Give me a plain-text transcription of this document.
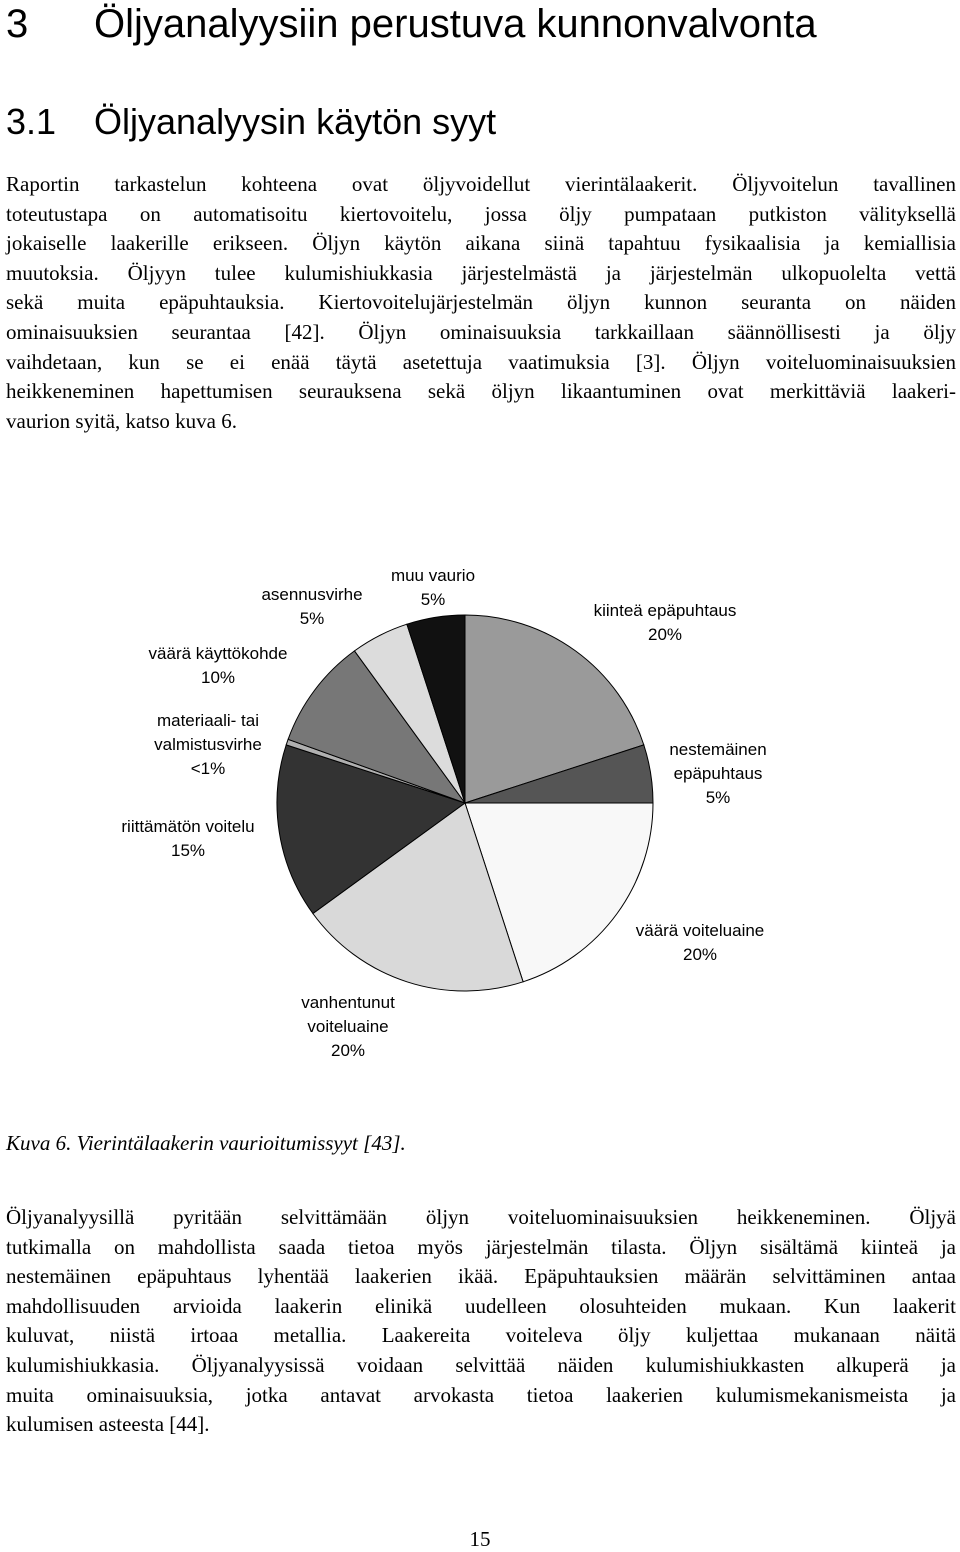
3 Öljyanalyysiin perustuva kunnonvalvonta
3.1 Öljyanalyysin käytön syyt
Raportin tarkastelun kohteena ovat öljyvoidellut vierintälaakerit. Öljyvoitelun tavallinen
toteutustapa on automatisoitu kiertovoitelu, jossa öljy pumpataan putkiston välityksellä
jokaiselle laakerille erikseen. Öljyn käytön aikana siinä tapahtuu fysikaalisia ja kemiallisia
muutoksia. Öljyyn tulee kulumishiukkasia järjestelmästä ja järjestelmän ulkopuolelta vettä
sekä muita epäpuhtauksia. Kiertovoitelujärjestelmän öljyn kunnon seuranta on näiden
ominaisuuksien seurantaa [42]. Öljyn ominaisuuksia tarkkaillaan säännöllisesti ja öljy
vaihdetaan, kun se ei enää täytä asetettuja vaatimuksia [3]. Öljyn voiteluominaisuuksien
heikkeneminen hapettumisen seurauksena sekä öljyn likaantuminen ovat merkittäviä laakeri-
vaurion syitä, katso kuva 6.
kiinteä epäpuhtaus 20%
nestemäinen epäpuhtaus 5%
väärä voiteluaine 20%
vanhentunut voiteluaine 20%
riittämätön voitelu 15%
materiaali- tai valmistusvirhe <1%
väärä käyttökohde 10%
asennusvirhe 5%
muu vaurio 5%

Kuva 6. Vierintälaakerin vaurioitumissyyt [43].

Öljyanalyysillä pyritään selvittämään öljyn voiteluominaisuuksien heikkeneminen. Öljyä
tutkimalla on mahdollista saada tietoa myös järjestelmän tilasta. Öljyn sisältämä kiinteä ja
nestemäinen epäpuhtaus lyhentää laakerien ikää. Epäpuhtauksien määrän selvittäminen antaa
mahdollisuuden arvioida laakerin elinikä uudelleen olosuhteiden mukaan. Kun laakerit
kuluvat, niistä irtoaa metallia. Laakereita voiteleva öljy kuljettaa mukanaan näitä
kulumishiukkasia. Öljyanalyysissä voidaan selvittää näiden kulumishiukkasten alkuperä ja
muita ominaisuuksia, jotka antavat arvokasta tietoa laakerien kulumismekanismeista ja
kulumisen asteesta [44].
15
